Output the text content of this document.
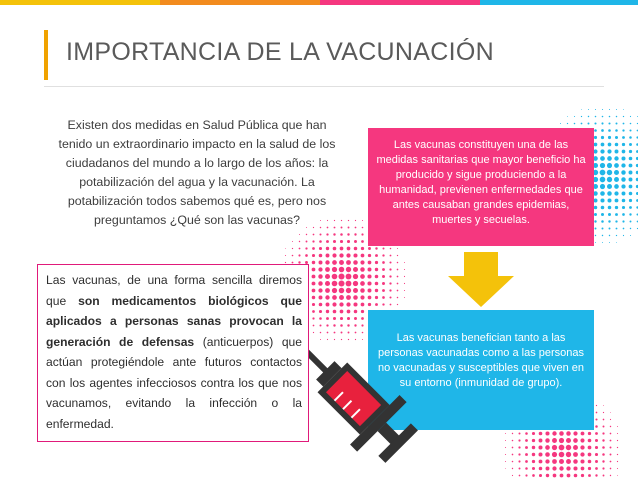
IMPORTANCIA DE LA VACUNACIÓN
Existen dos medidas en Salud Pública que han tenido un extraordinario impacto en la salud de los ciudadanos del mundo a lo largo de los años: la potabilización del agua y la vacunación. La potabilización todos sabemos qué es, pero nos preguntamos ¿Qué son las vacunas?
Las vacunas constituyen una de las medidas sanitarias que mayor beneficio ha producido y sigue produciendo a la humanidad, previenen enfermedades que antes causaban grandes epidemias, muertes y secuelas.
Las vacunas benefician tanto a las personas vacunadas como a las personas no vacunadas y susceptibles que viven en su entorno (inmunidad de grupo).
Las vacunas, de una forma sencilla diremos que son medicamentos biológicos que aplicados a personas sanas provocan la generación de defensas (anticuerpos) que actúan protegiéndole ante futuros contactos con los agentes infecciosos contra los que nos vacunamos, evitando la infección o la enfermedad.
